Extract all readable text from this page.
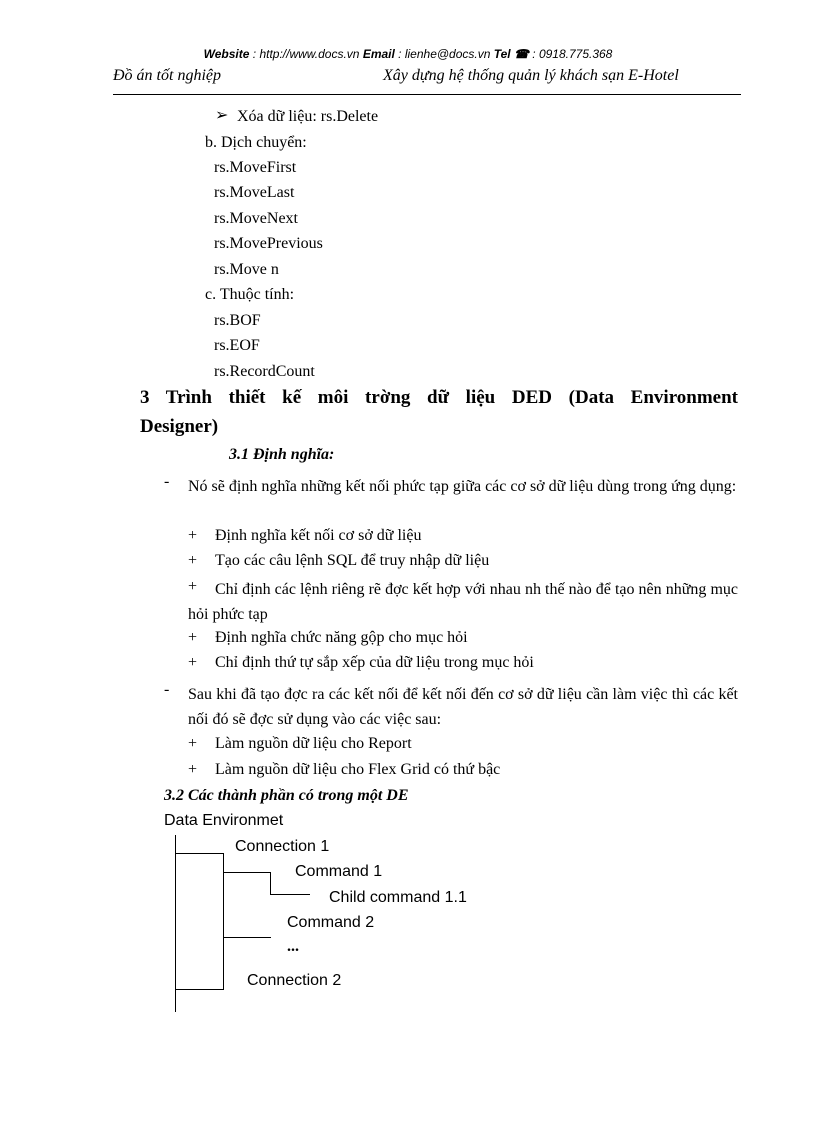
Website : http://www.docs.vn Email : lienhe@docs.vn Tel ☎ : 0918.775.368
Đồ án tốt nghiệp	Xây dựng hệ thống quản lý khách sạn E-Hotel
➢ Xóa dữ liệu: rs.Delete
b. Dịch chuyển:
rs.MoveFirst
rs.MoveLast
rs.MoveNext
rs.MovePrevious
rs.Move n
c. Thuộc tính:
rs.BOF
rs.EOF
rs.RecordCount
3 Trình thiết kế môi trờng dữ liệu DED (Data Environment
Designer)
3.1 Định nghĩa:
- Nó sẽ định nghĩa những kết nối phức tạp giữa các cơ sở dữ liệu dùng trong ứng dụng:
+ Định nghĩa kết nối cơ sở dữ liệu
+ Tạo các câu lệnh SQL để truy nhập dữ liệu
+	Chỉ định các lệnh riêng rẽ đợc kết hợp với nhau nh thế nào để tạo nên những mục hỏi phức tạp
+ Định nghĩa chức năng gộp cho mục hỏi
+ Chỉ định thứ tự sắp xếp của dữ liệu trong mục hỏi
- Sau khi đã tạo đợc ra các kết nối để kết nối đến cơ sở dữ liệu cần làm việc thì các kết nối đó sẽ đợc sử dụng vào các việc sau:
+ Làm nguồn dữ liệu cho Report
+ Làm nguồn dữ liệu cho Flex Grid có thứ bậc
3.2 Các thành phần có trong một DE
Data Environmet
Connection 1
Command 1
Child command 1.1
Command 2
...
Connection 2
